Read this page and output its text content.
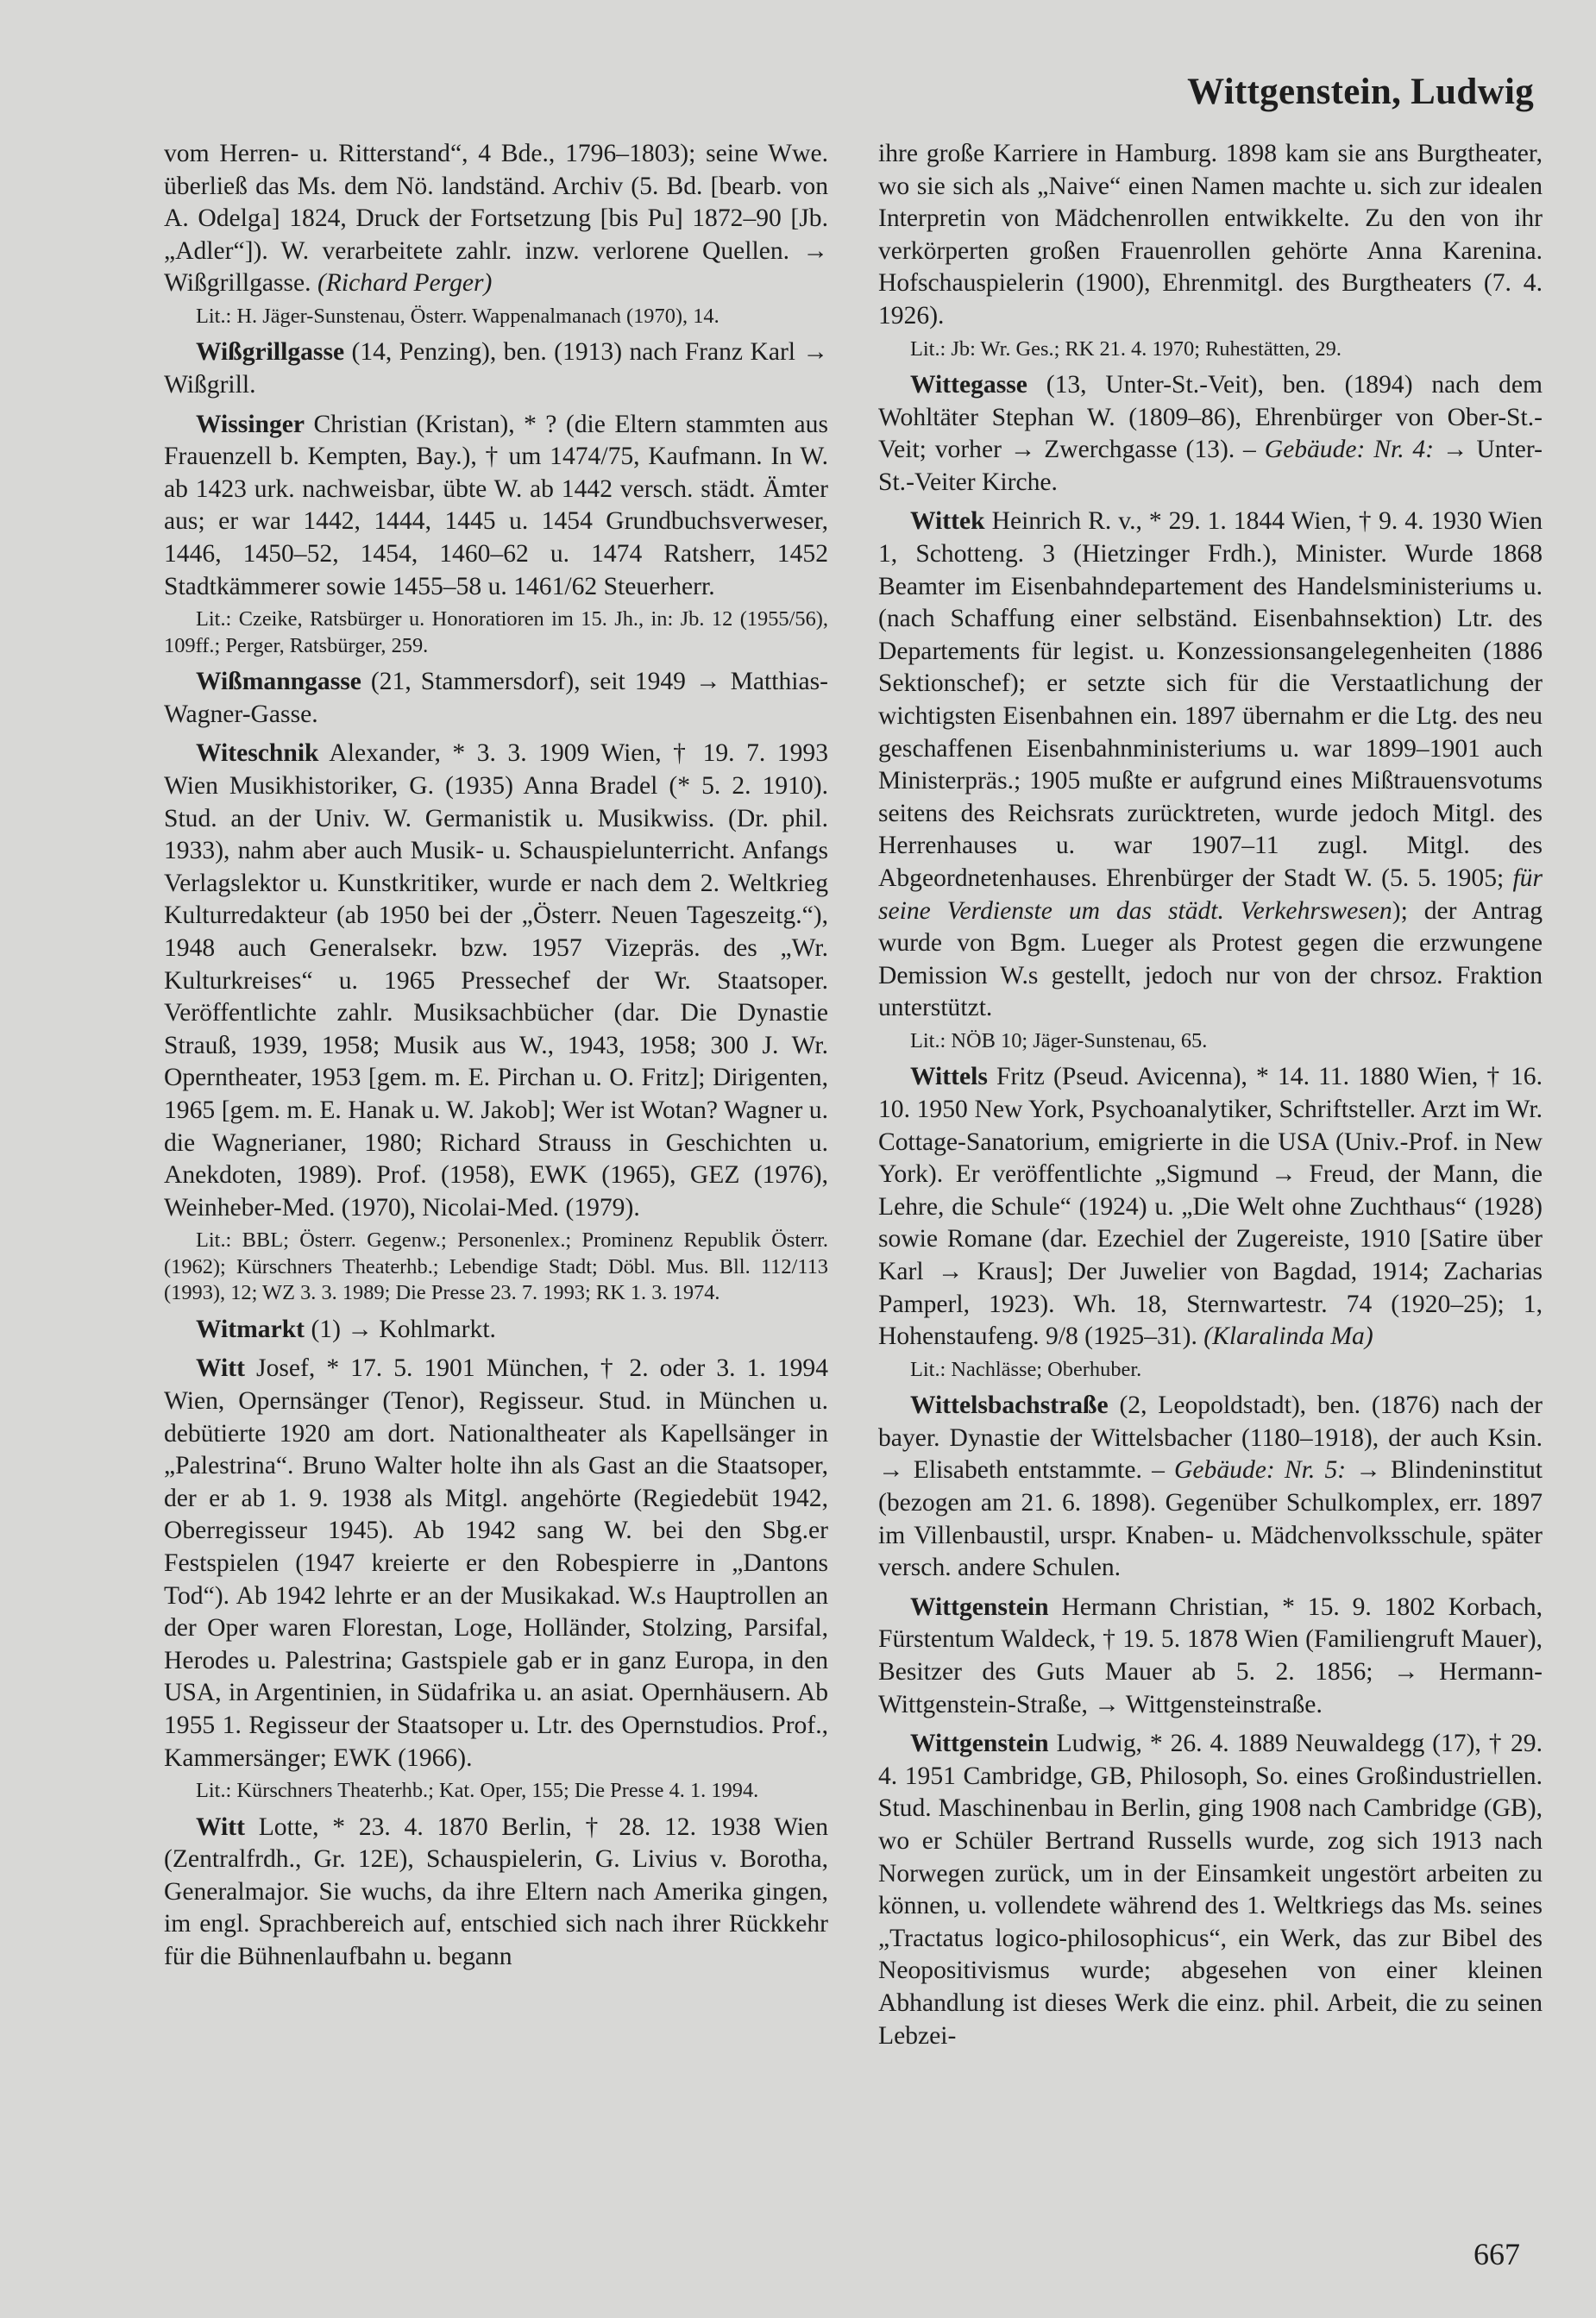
Wittgenstein, Ludwig

vom Herren- u. Ritterstand“, 4 Bde., 1796–1803); seine Wwe. überließ das Ms. dem Nö. landständ. Archiv (5. Bd. [bearb. von A. Odelga] 1824, Druck der Fortsetzung [bis Pu] 1872–90 [Jb. „Adler“]). W. verarbeitete zahlr. inzw. verlorene Quellen. → Wißgrillgasse. (Richard Perger)

Lit.: H. Jäger-Sunstenau, Österr. Wappenalmanach (1970), 14.

Wißgrillgasse (14, Penzing), ben. (1913) nach Franz Karl → Wißgrill.

Wissinger Christian (Kristan), * ? (die Eltern stammten aus Frauenzell b. Kempten, Bay.), † um 1474/75, Kaufmann. In W. ab 1423 urk. nachweisbar, übte W. ab 1442 versch. städt. Ämter aus; er war 1442, 1444, 1445 u. 1454 Grundbuchsverweser, 1446, 1450–52, 1454, 1460–62 u. 1474 Ratsherr, 1452 Stadtkämmerer sowie 1455–58 u. 1461/62 Steuerherr.

Lit.: Czeike, Ratsbürger u. Honoratioren im 15. Jh., in: Jb. 12 (1955/56), 109ff.; Perger, Ratsbürger, 259.

Wißmanngasse (21, Stammersdorf), seit 1949 → Matthias-Wagner-Gasse.

Witeschnik Alexander, * 3. 3. 1909 Wien, † 19. 7. 1993 Wien Musikhistoriker, G. (1935) Anna Bradel (* 5. 2. 1910). Stud. an der Univ. W. Germanistik u. Musikwiss. (Dr. phil. 1933), nahm aber auch Musik- u. Schauspielunterricht. Anfangs Verlagslektor u. Kunstkritiker, wurde er nach dem 2. Weltkrieg Kulturredakteur (ab 1950 bei der „Österr. Neuen Tageszeitg.“), 1948 auch Generalsekr. bzw. 1957 Vizepräs. des „Wr. Kulturkreises“ u. 1965 Pressechef der Wr. Staatsoper. Veröffentlichte zahlr. Musiksachbücher (dar. Die Dynastie Strauß, 1939, 1958; Musik aus W., 1943, 1958; 300 J. Wr. Operntheater, 1953 [gem. m. E. Pirchan u. O. Fritz]; Dirigenten, 1965 [gem. m. E. Hanak u. W. Jakob]; Wer ist Wotan? Wagner u. die Wagnerianer, 1980; Richard Strauss in Geschichten u. Anekdoten, 1989). Prof. (1958), EWK (1965), GEZ (1976), Weinheber-Med. (1970), Nicolai-Med. (1979).

Lit.: BBL; Österr. Gegenw.; Personenlex.; Prominenz Republik Österr. (1962); Kürschners Theaterhb.; Lebendige Stadt; Döbl. Mus. Bll. 112/113 (1993), 12; WZ 3. 3. 1989; Die Presse 23. 7. 1993; RK 1. 3. 1974.

Witmarkt (1) → Kohlmarkt.

Witt Josef, * 17. 5. 1901 München, † 2. oder 3. 1. 1994 Wien, Opernsänger (Tenor), Regisseur. Stud. in München u. debütierte 1920 am dort. Nationaltheater als Kapellsänger in „Palestrina“. Bruno Walter holte ihn als Gast an die Staatsoper, der er ab 1. 9. 1938 als Mitgl. angehörte (Regiedebüt 1942, Oberregisseur 1945). Ab 1942 sang W. bei den Sbg.er Festspielen (1947 kreierte er den Robespierre in „Dantons Tod“). Ab 1942 lehrte er an der Musikakad. W.s Hauptrollen an der Oper waren Florestan, Loge, Holländer, Stolzing, Parsifal, Herodes u. Palestrina; Gastspiele gab er in ganz Europa, in den USA, in Argentinien, in Südafrika u. an asiat. Opernhäusern. Ab 1955 1. Regisseur der Staatsoper u. Ltr. des Opernstudios. Prof., Kammersänger; EWK (1966).

Lit.: Kürschners Theaterhb.; Kat. Oper, 155; Die Presse 4. 1. 1994.

Witt Lotte, * 23. 4. 1870 Berlin, † 28. 12. 1938 Wien (Zentralfrdh., Gr. 12E), Schauspielerin, G. Livius v. Borotha, Generalmajor. Sie wuchs, da ihre Eltern nach Amerika gingen, im engl. Sprachbereich auf, entschied sich nach ihrer Rückkehr für die Bühnenlaufbahn u. begann

ihre große Karriere in Hamburg. 1898 kam sie ans Burgtheater, wo sie sich als „Naive“ einen Namen machte u. sich zur idealen Interpretin von Mädchenrollen entwikkelte. Zu den von ihr verkörperten großen Frauenrollen gehörte Anna Karenina. Hofschauspielerin (1900), Ehrenmitgl. des Burgtheaters (7. 4. 1926).

Lit.: Jb: Wr. Ges.; RK 21. 4. 1970; Ruhestätten, 29.

Wittegasse (13, Unter-St.-Veit), ben. (1894) nach dem Wohltäter Stephan W. (1809–86), Ehrenbürger von Ober-St.-Veit; vorher → Zwerchgasse (13). – Gebäude: Nr. 4: → Unter-St.-Veiter Kirche.

Wittek Heinrich R. v., * 29. 1. 1844 Wien, † 9. 4. 1930 Wien 1, Schotteng. 3 (Hietzinger Frdh.), Minister. Wurde 1868 Beamter im Eisenbahndepartement des Handelsministeriums u. (nach Schaffung einer selbständ. Eisenbahnsektion) Ltr. des Departements für legist. u. Konzessionsangelegenheiten (1886 Sektionschef); er setzte sich für die Verstaatlichung der wichtigsten Eisenbahnen ein. 1897 übernahm er die Ltg. des neu geschaffenen Eisenbahnministeriums u. war 1899–1901 auch Ministerpräs.; 1905 mußte er aufgrund eines Mißtrauensvotums seitens des Reichsrats zurücktreten, wurde jedoch Mitgl. des Herrenhauses u. war 1907–11 zugl. Mitgl. des Abgeordnetenhauses. Ehrenbürger der Stadt W. (5. 5. 1905; für seine Verdienste um das städt. Verkehrswesen); der Antrag wurde von Bgm. Lueger als Protest gegen die erzwungene Demission W.s gestellt, jedoch nur von der chrsoz. Fraktion unterstützt.

Lit.: NÖB 10; Jäger-Sunstenau, 65.

Wittels Fritz (Pseud. Avicenna), * 14. 11. 1880 Wien, † 16. 10. 1950 New York, Psychoanalytiker, Schriftsteller. Arzt im Wr. Cottage-Sanatorium, emigrierte in die USA (Univ.-Prof. in New York). Er veröffentlichte „Sigmund → Freud, der Mann, die Lehre, die Schule“ (1924) u. „Die Welt ohne Zuchthaus“ (1928) sowie Romane (dar. Ezechiel der Zugereiste, 1910 [Satire über Karl → Kraus]; Der Juwelier von Bagdad, 1914; Zacharias Pamperl, 1923). Wh. 18, Sternwartestr. 74 (1920–25); 1, Hohenstaufeng. 9/8 (1925–31). (Klaralinda Ma)

Lit.: Nachlässe; Oberhuber.

Wittelsbachstraße (2, Leopoldstadt), ben. (1876) nach der bayer. Dynastie der Wittelsbacher (1180–1918), der auch Ksin. → Elisabeth entstammte. – Gebäude: Nr. 5: → Blindeninstitut (bezogen am 21. 6. 1898). Gegenüber Schulkomplex, err. 1897 im Villenbaustil, urspr. Knaben- u. Mädchenvolksschule, später versch. andere Schulen.

Wittgenstein Hermann Christian, * 15. 9. 1802 Korbach, Fürstentum Waldeck, † 19. 5. 1878 Wien (Familiengruft Mauer), Besitzer des Guts Mauer ab 5. 2. 1856; → Hermann-Wittgenstein-Straße, → Wittgensteinstraße.

Wittgenstein Ludwig, * 26. 4. 1889 Neuwaldegg (17), † 29. 4. 1951 Cambridge, GB, Philosoph, So. eines Großindustriellen. Stud. Maschinenbau in Berlin, ging 1908 nach Cambridge (GB), wo er Schüler Bertrand Russells wurde, zog sich 1913 nach Norwegen zurück, um in der Einsamkeit ungestört arbeiten zu können, u. vollendete während des 1. Weltkriegs das Ms. seines „Tractatus logico-philosophicus“, ein Werk, das zur Bibel des Neopositivismus wurde; abgesehen von einer kleinen Abhandlung ist dieses Werk die einz. phil. Arbeit, die zu seinen Lebzei-

667
